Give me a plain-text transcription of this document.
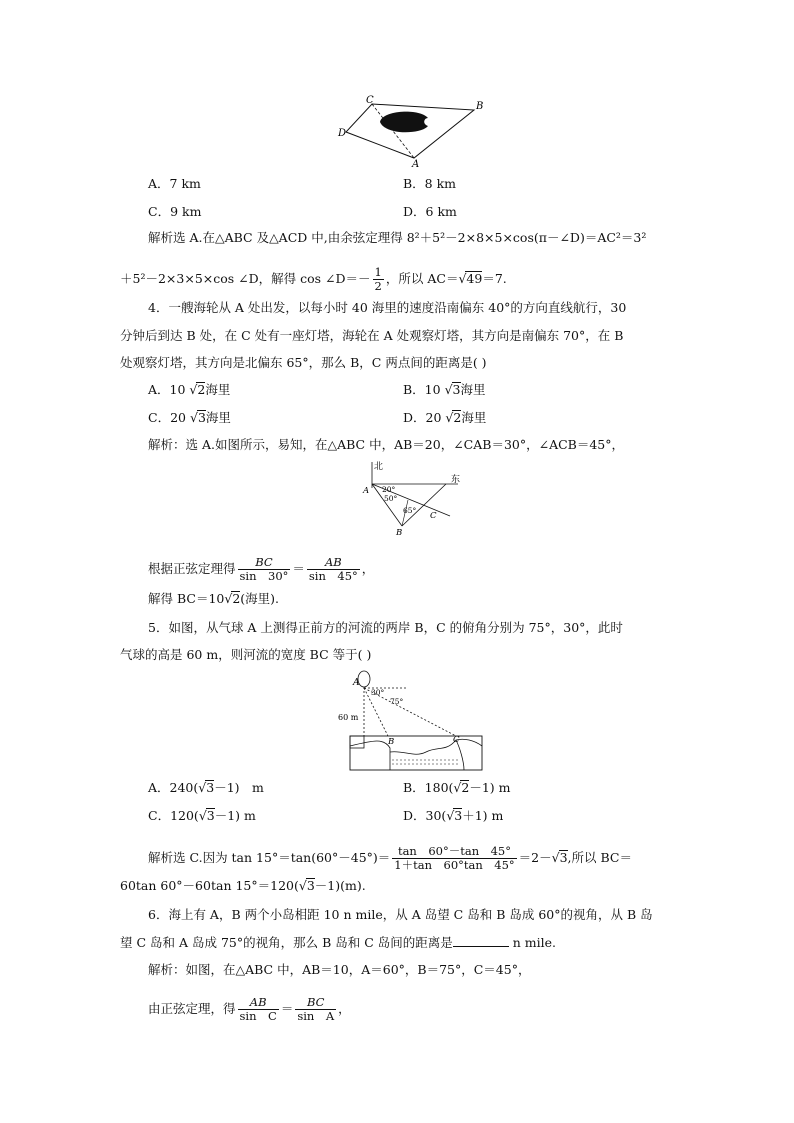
C
B
D
A
A．7 km	B．8 km
C．9 km	D．6 km
解析选 A.在△ABC 及△ACD 中,由余弦定理得 8²＋5²－2×8×5×cos(π－∠D)＝AC²＝3²
＋5²－2×3×5×cos ∠D，解得 cos ∠D＝－ $\frac{1}{2}$ ，所以 AC＝√49＝7.
4．一艘海轮从 A 处出发，以每小时 40 海里的速度沿南偏东 40°的方向直线航行，30
分钟后到达 B 处，在 C 处有一座灯塔，海轮在 A 处观察灯塔，其方向是南偏东 70°，在 B
处观察灯塔，其方向是北偏东 65°，那么 B，C 两点间的距离是( )
A．10 √2海里	B．10 √3海里
C．20 √3海里	D．20 √2海里
解析：选 A.如图所示，易知，在△ABC 中，AB＝20，∠CAB＝30°，∠ACB＝45°，
北
东
20°
50°
65°
A
B
C
根据正弦定理得 $\frac{BC}{\sin 30^\circ} = \frac{AB}{\sin 45^\circ}$ ，
解得 BC＝10√2(海里).
5．如图，从气球 A 上测得正前方的河流的两岸 B，C 的俯角分别为 75°，30°，此时
气球的高是 60 m，则河流的宽度 BC 等于( )
A
30°
75°
60 m
B	C
A．240(√3－1)　m	B．180(√2－1) m
C．120(√3－1) m	D．30(√3＋1) m
解析选 C.因为 $\tan 15^\circ=\tan(60^\circ-45^\circ)= \frac{\tan 60^\circ-\tan 45^\circ}{1+\tan 60^\circ\tan 45^\circ} =2-√3$,所以 BC＝
60tan 60°－60tan 15°＝120(√3－1)(m).
6．海上有 A，B 两个小岛相距 10 n mile，从 A 岛望 C 岛和 B 岛成 60°的视角，从 B 岛
望 C 岛和 A 岛成 75°的视角，那么 B 岛和 C 岛间的距离是	n mile.
解析：如图，在△ABC 中，AB＝10，A＝60°，B＝75°，C＝45°，
由正弦定理，得 $\frac{AB}{\text{sin　C}} = \frac{BC}{\text{sin　A}}$ ，
